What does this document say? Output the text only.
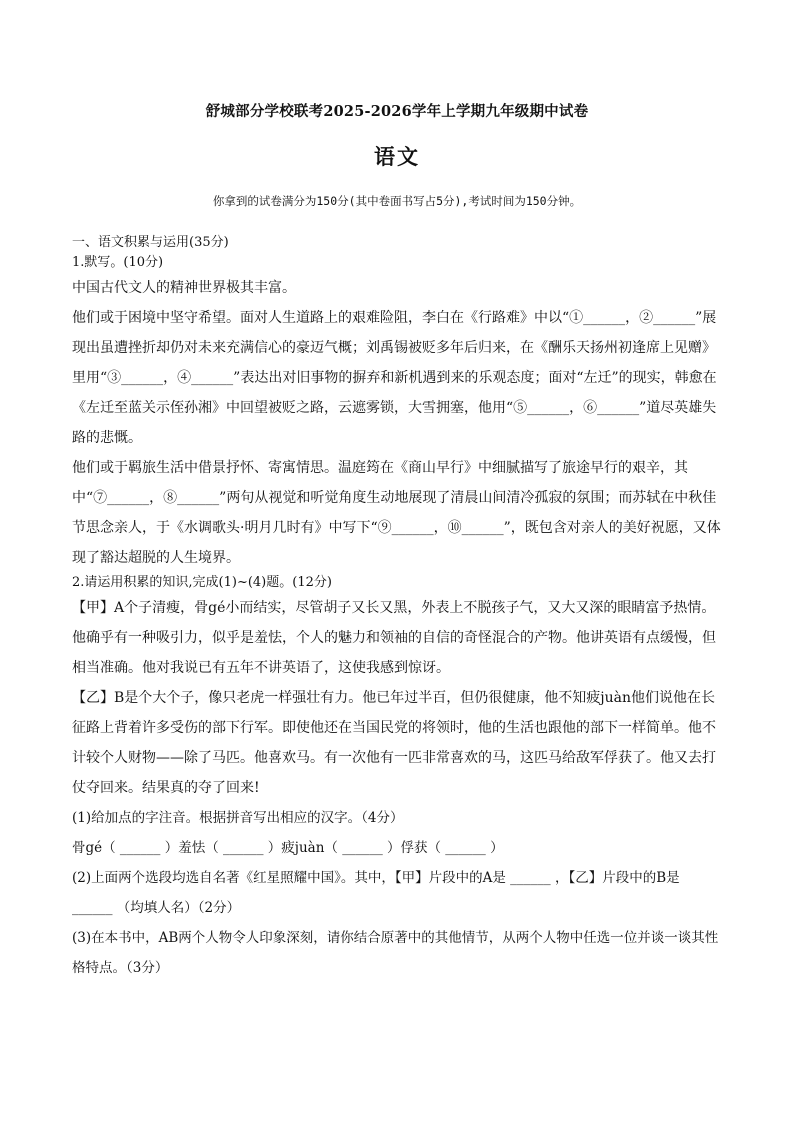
舒城部分学校联考2025-2026学年上学期九年级期中试卷
语文
你拿到的试卷满分为150分(其中卷面书写占5分),考试时间为150分钟。
一、语文积累与运用(35分)
1.默写。(10分)

中国古代文人的精神世界极其丰富。

他们或于困境中坚守希望。面对人生道路上的艰难险阻，李白在《行路难》中以“①______，②______”展现出虽遭挫折却仍对未来充满信心的豪迈气概；刘禹锡被贬多年后归来，在《酬乐天扬州初逢席上见赠》里用“③______，④______”表达出对旧事物的摒弃和新机遇到来的乐观态度；面对“左迁”的现实，韩愈在《左迁至蓝关示侄孙湘》中回望被贬之路，云遮雾锁，大雪拥塞，他用“⑤______，⑥______”道尽英雄失路的悲慨。

他们或于羁旅生活中借景抒怀、寄寓情思。温庭筠在《商山早行》中细腻描写了旅途早行的艰辛，其中“⑦______，⑧______”两句从视觉和听觉角度生动地展现了清晨山间清冷孤寂的氛围；而苏轼在中秋佳节思念亲人，于《水调歌头·明月几时有》中写下“⑨______，⑩______”，既包含对亲人的美好祝愿，又体现了豁达超脱的人生境界。

2.请运用积累的知识,完成(1)~(4)题。(12分)

【甲】A个子清瘦，骨gé小而结实，尽管胡子又长又黑，外表上不脱孩子气，又大又深的眼睛富予热情。他确乎有一种吸引力，似乎是羞怯，个人的魅力和领袖的自信的奇怪混合的产物。他讲英语有点缓慢，但相当准确。他对我说已有五年不讲英语了，这使我感到惊讶。

【乙】B是个大个子，像只老虎一样强壮有力。他已年过半百，但仍很健康，他不知疲juàn他们说他在长征路上背着许多受伤的部下行军。即使他还在当国民党的将领时，他的生活也跟他的部下一样简单。他不计较个人财物——除了马匹。他喜欢马。有一次他有一匹非常喜欢的马，这匹马给敌军俘获了。他又去打仗夺回来。结果真的夺了回来!

(1)给加点的字注音。根据拼音写出相应的汉字。（4分）

骨gé（ ______ ）羞怯（ ______ ）疲juàn（ ______ ）俘获（ ______ ）

(2)上面两个选段均选自名著《红星照耀中国》。其中，【甲】片段中的A是 ______ ，【乙】片段中的B是 ______ （均填人名）（2分）

(3)在本书中，AB两个人物令人印象深刻，请你结合原著中的其他情节，从两个人物中任选一位并谈一谈其性格特点。（3分）
